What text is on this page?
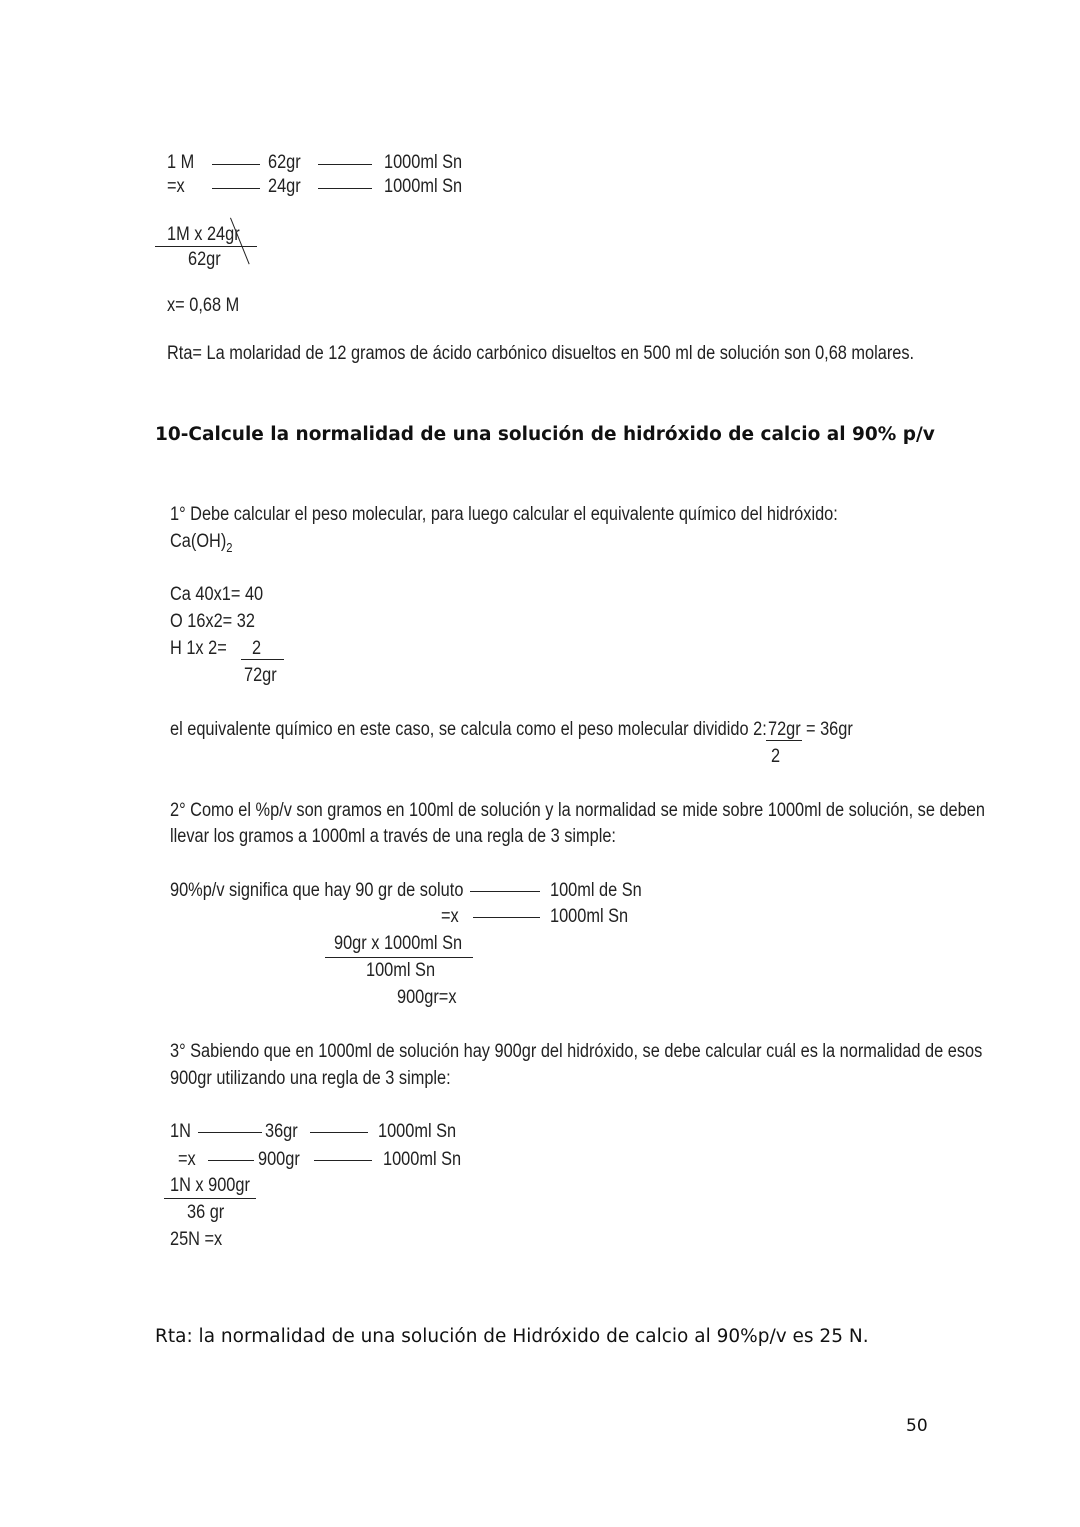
1 M	62gr	1000ml Sn
=x	24gr	1000ml Sn
1M x 24gr
62gr
x= 0,68 M
Rta= La molaridad de 12 gramos de ácido carbónico disueltos en 500 ml de solución son 0,68 molares.
10-Calcule la normalidad de una solución de hidróxido de calcio al 90% p/v
1° Debe calcular el peso molecular, para luego calcular el equivalente químico del hidróxido:
$Ca(OH)_2$
Ca 40x1= 40
O 16x2= 32
H 1x 2= 2
72gr
el equivalente químico en este caso, se calcula como el peso molecular dividido 2: 72gr = 36gr
2
2° Como el %p/v son gramos en 100ml de solución y la normalidad se mide sobre 1000ml de solución, se deben
llevar los gramos a 1000ml a través de una regla de 3 simple:
90%p/v significa que hay 90 gr de soluto	100ml de Sn
=x	1000ml Sn
90gr x 1000ml Sn
100ml Sn
900gr=x
3° Sabiendo que en 1000ml de solución hay 900gr del hidróxido, se debe calcular cuál es la normalidad de esos
900gr utilizando una regla de 3 simple:
1N	36gr	1000ml Sn
=x	900gr	1000ml Sn
1N x 900gr
36 gr
25N =x
Rta: la normalidad de una solución de Hidróxido de calcio al 90%p/v es 25 N.
50
